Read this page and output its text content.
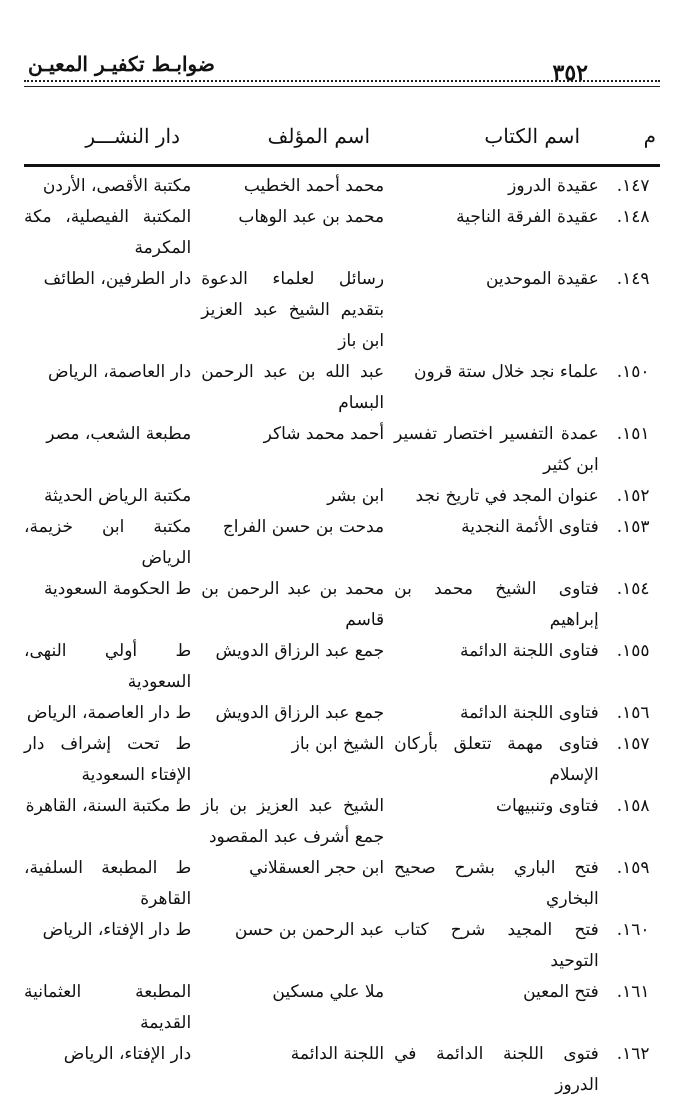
٣٥٢
ضوابـط تكفيـر المعيـن
م
اسم الكتاب
اسم المؤلف
دار النشـــر
١٤٧.
عقيدة الدروز
محمد أحمد الخطيب
مكتبة الأقصى، الأردن
١٤٨.
عقيدة الفرقة الناجية
محمد بن عبد الوهاب
المكتبة الفيصلية، مكة المكرمة
١٤٩.
عقيدة الموحدين
رسائل لعلماء الدعوة بتقديم الشيخ عبد العزيز ابن باز
دار الطرفين، الطائف
١٥٠.
علماء نجد خلال ستة قرون
عبد الله بن عبد الرحمن البسام
دار العاصمة، الرياض
١٥١.
عمدة التفسير اختصار تفسير ابن كثير
أحمد محمد شاكر
مطبعة الشعب، مصر
١٥٢.
عنوان المجد في تاريخ نجد
ابن بشر
مكتبة الرياض الحديثة
١٥٣.
فتاوى الأئمة النجدية
مدحت بن حسن الفراج
مكتبة ابن خزيمة، الرياض
١٥٤.
فتاوى الشيخ محمد بن إبراهيم
محمد بن عبد الرحمن بن قاسم
ط الحكومة السعودية
١٥٥.
فتاوى اللجنة الدائمة
جمع عبد الرزاق الدويش
ط أولي النهى، السعودية
١٥٦.
فتاوى اللجنة الدائمة
جمع عبد الرزاق الدويش
ط دار العاصمة، الرياض
١٥٧.
فتاوى مهمة تتعلق بأركان الإسلام
الشيخ ابن باز
ط تحت إشراف دار الإفتاء السعودية
١٥٨.
فتاوى وتنبيهات
الشيخ عبد العزيز بن باز جمع أشرف عبد المقصود
ط مكتبة السنة، القاهرة
١٥٩.
فتح الباري بشرح صحيح البخاري
ابن حجر العسقلاني
ط المطبعة السلفية، القاهرة
١٦٠.
فتح المجيد شرح كتاب التوحيد
عبد الرحمن بن حسن
ط دار الإفتاء، الرياض
١٦١.
فتح المعين
ملا علي مسكين
المطبعة العثمانية القديمة
١٦٢.
فتوى اللجنة الدائمة في الدروز
اللجنة الدائمة
دار الإفتاء، الرياض
